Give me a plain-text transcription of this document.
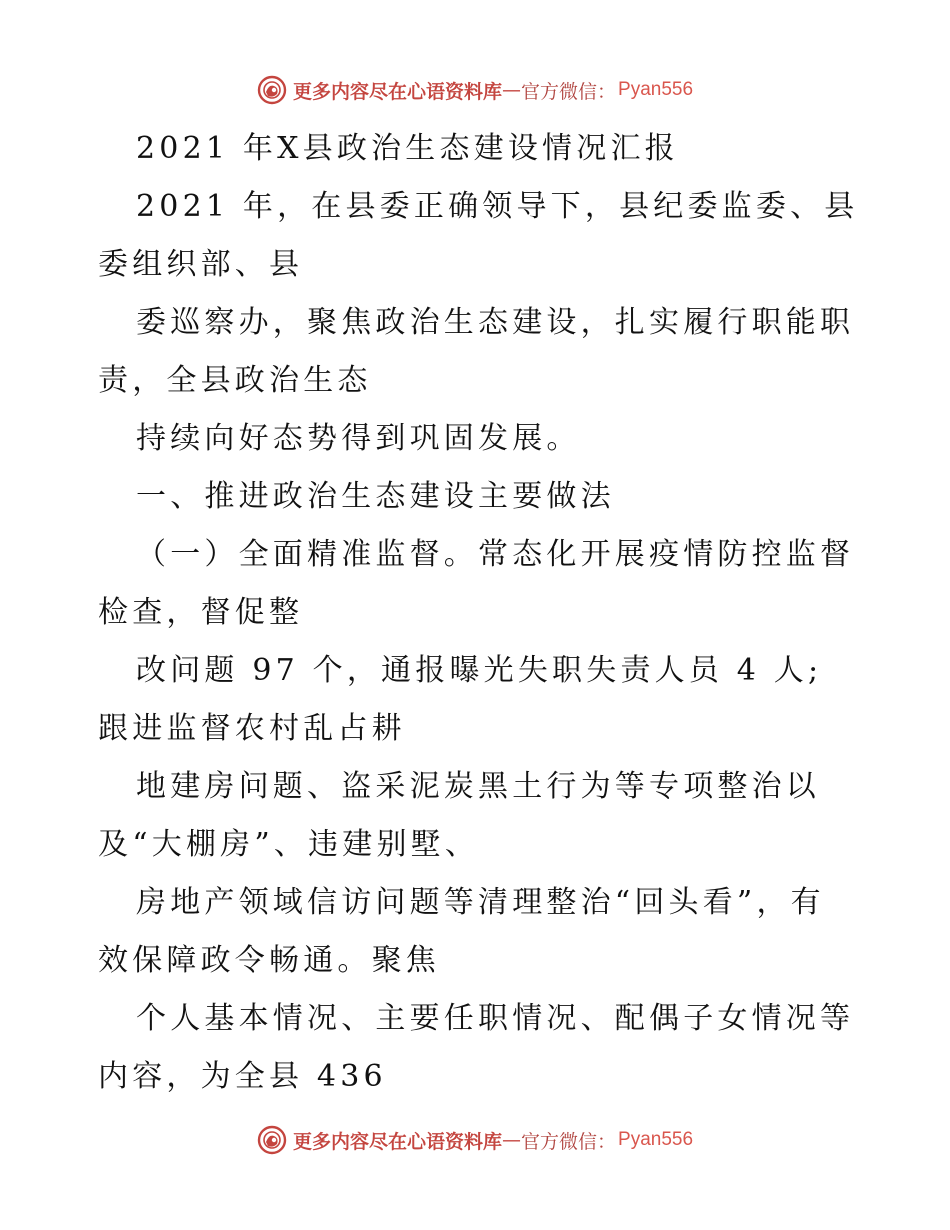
更多内容尽在心语资料库 — 官方微信 ： Pyan556
2021 年X县政治生态建设情况汇报
2021 年，在县委正确领导下，县纪委监委、县
委组织部、县
委巡察办，聚焦政治生态建设，扎实履行职能职
责，全县政治生态
持续向好态势得到巩固发展。
一、推进政治生态建设主要做法
（一）全面精准监督。常态化开展疫情防控监督
检查，督促整
改问题 97 个，通报曝光失职失责人员 4 人;
跟进监督农村乱占耕
地建房问题、盗采泥炭黑土行为等专项整治以
及“大棚房”、违建别墅、
房地产领域信访问题等清理整治“回头看”，有
效保障政令畅通。聚焦
个人基本情况、主要任职情况、配偶子女情况等
内容，为全县 436
更多内容尽在心语资料库 — 官方微信 ： Pyan556
